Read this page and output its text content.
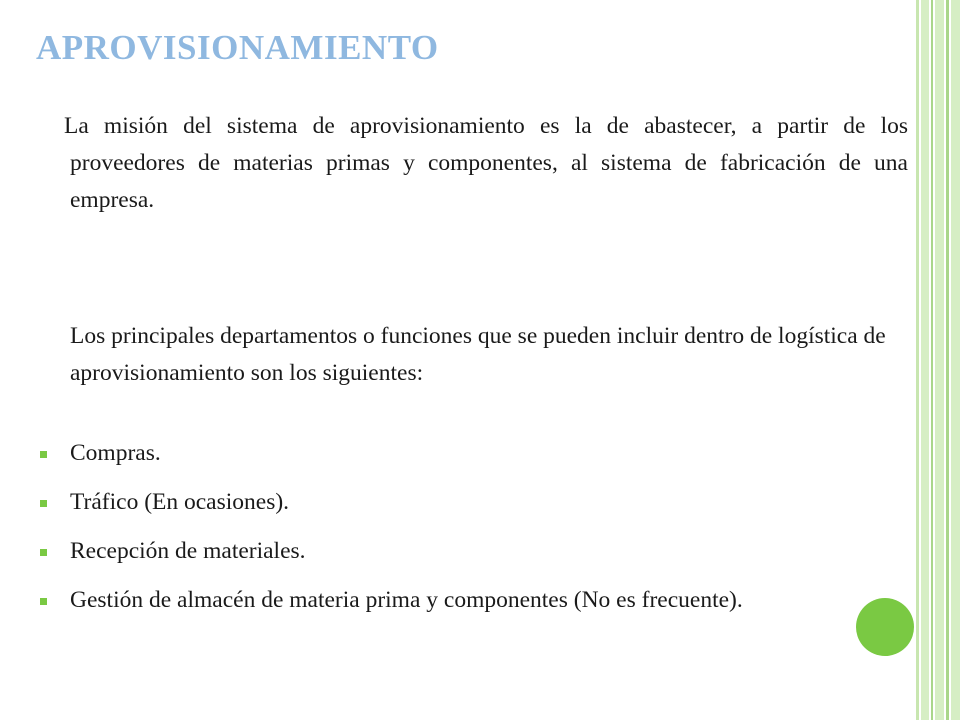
APROVISIONAMIENTO

La misión del sistema de aprovisionamiento es la de abastecer, a partir de los proveedores de materias primas y componentes, al sistema de fabricación de una empresa.

Los principales departamentos o funciones que se pueden incluir dentro de logística de aprovisionamiento son los siguientes:

Compras.
Tráfico (En ocasiones).
Recepción de materiales.
Gestión de almacén de materia prima y componentes (No es frecuente).
